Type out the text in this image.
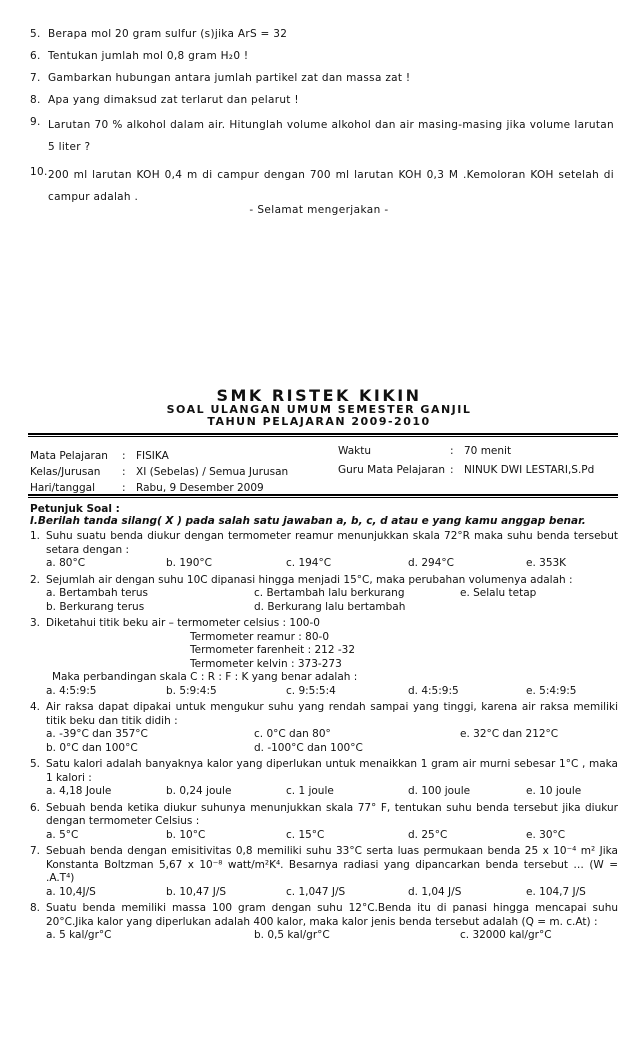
5. Berapa mol 20 gram sulfur (s)jika ArS = 32
6. Tentukan jumlah mol 0,8 gram H₂0 !
7. Gambarkan hubungan antara jumlah partikel zat dan massa zat !
8. Apa yang dimaksud zat terlarut dan pelarut !
9. Larutan 70 % alkohol dalam air. Hitunglah volume alkohol dan air masing-masing jika volume larutan 5 liter ?
10. 200 ml larutan KOH 0,4 m di campur dengan 700 ml larutan KOH 0,3 M .Kemoloran KOH setelah di campur adalah .
- Selamat mengerjakan -
SMK RISTEK KIKIN
SOAL ULANGAN UMUM SEMESTER GANJIL
TAHUN PELAJARAN 2009-2010
Mata Pelajaran	: FISIKA
Kelas/Jurusan	: XI (Sebelas) / Semua Jurusan
Hari/tanggal	: Rabu, 9 Desember 2009
Waktu	: 70 menit
Guru Mata Pelajaran : NINUK DWI LESTARI,S.Pd
Petunjuk Soal :
I.Berilah tanda silang( X ) pada salah satu jawaban a, b, c, d atau e yang kamu anggap benar.
1. Suhu suatu benda diukur dengan termometer reamur menunjukkan skala 72°R maka suhu benda tersebut setara dengan :
a. 80°C	b. 190°C	c. 194°C	d. 294°C	e. 353K
2. Sejumlah air dengan suhu 10C dipanasi hingga menjadi 15°C, maka perubahan volumenya adalah :
a. Bertambah terus	c. Bertambah lalu berkurang	e. Selalu tetap
b. Berkurang terus	d. Berkurang lalu bertambah
3. Diketahui titik beku air – termometer celsius : 100-0
Termometer reamur : 80-0
Termometer farenheit : 212 -32
Termometer kelvin : 373-273
Maka perbandingan skala C : R : F : K yang benar adalah :
a. 4:5:9:5	b. 5:9:4:5	c. 9:5:5:4	d. 4:5:9:5	e. 5:4:9:5
4. Air raksa dapat dipakai untuk mengukur suhu yang rendah sampai yang tinggi, karena air raksa memiliki titik beku dan titik didih :
a. -39°C dan 357°C	c. 0°C dan 80°	e. 32°C dan 212°C
b. 0°C dan 100°C	d. -100°C dan 100°C
5. Satu kalori adalah banyaknya kalor yang diperlukan untuk menaikkan 1 gram air murni sebesar 1°C , maka 1 kalori :
a. 4,18 Joule	b. 0,24 joule	c. 1 joule	d. 100 joule	e. 10 joule
6. Sebuah benda ketika diukur suhunya menunjukkan skala 77° F, tentukan suhu benda tersebut jika diukur dengan termometer Celsius :
a. 5°C	b. 10°C	c. 15°C	d. 25°C	e. 30°C
7. Sebuah benda dengan emisitivitas 0,8 memiliki suhu 33°C serta luas permukaan benda 25 x 10⁻⁴ m² Jika Konstanta Boltzman 5,67 x 10⁻⁸ watt/m²K⁴. Besarnya radiasi yang dipancarkan benda tersebut … (W = .A.T⁴)
a. 10,4J/S	b. 10,47 J/S	c. 1,047 J/S	d. 1,04 J/S	e. 104,7 J/S
8. Suatu benda memiliki massa 100 gram dengan suhu 12°C.Benda itu di panasi hingga mencapai suhu 20°C.Jika kalor yang diperlukan adalah 400 kalor, maka kalor jenis benda tersebut adalah (Q = m. c.At) :
a. 5 kal/gr°C	b. 0,5 kal/gr°C	c. 32000 kal/gr°C
